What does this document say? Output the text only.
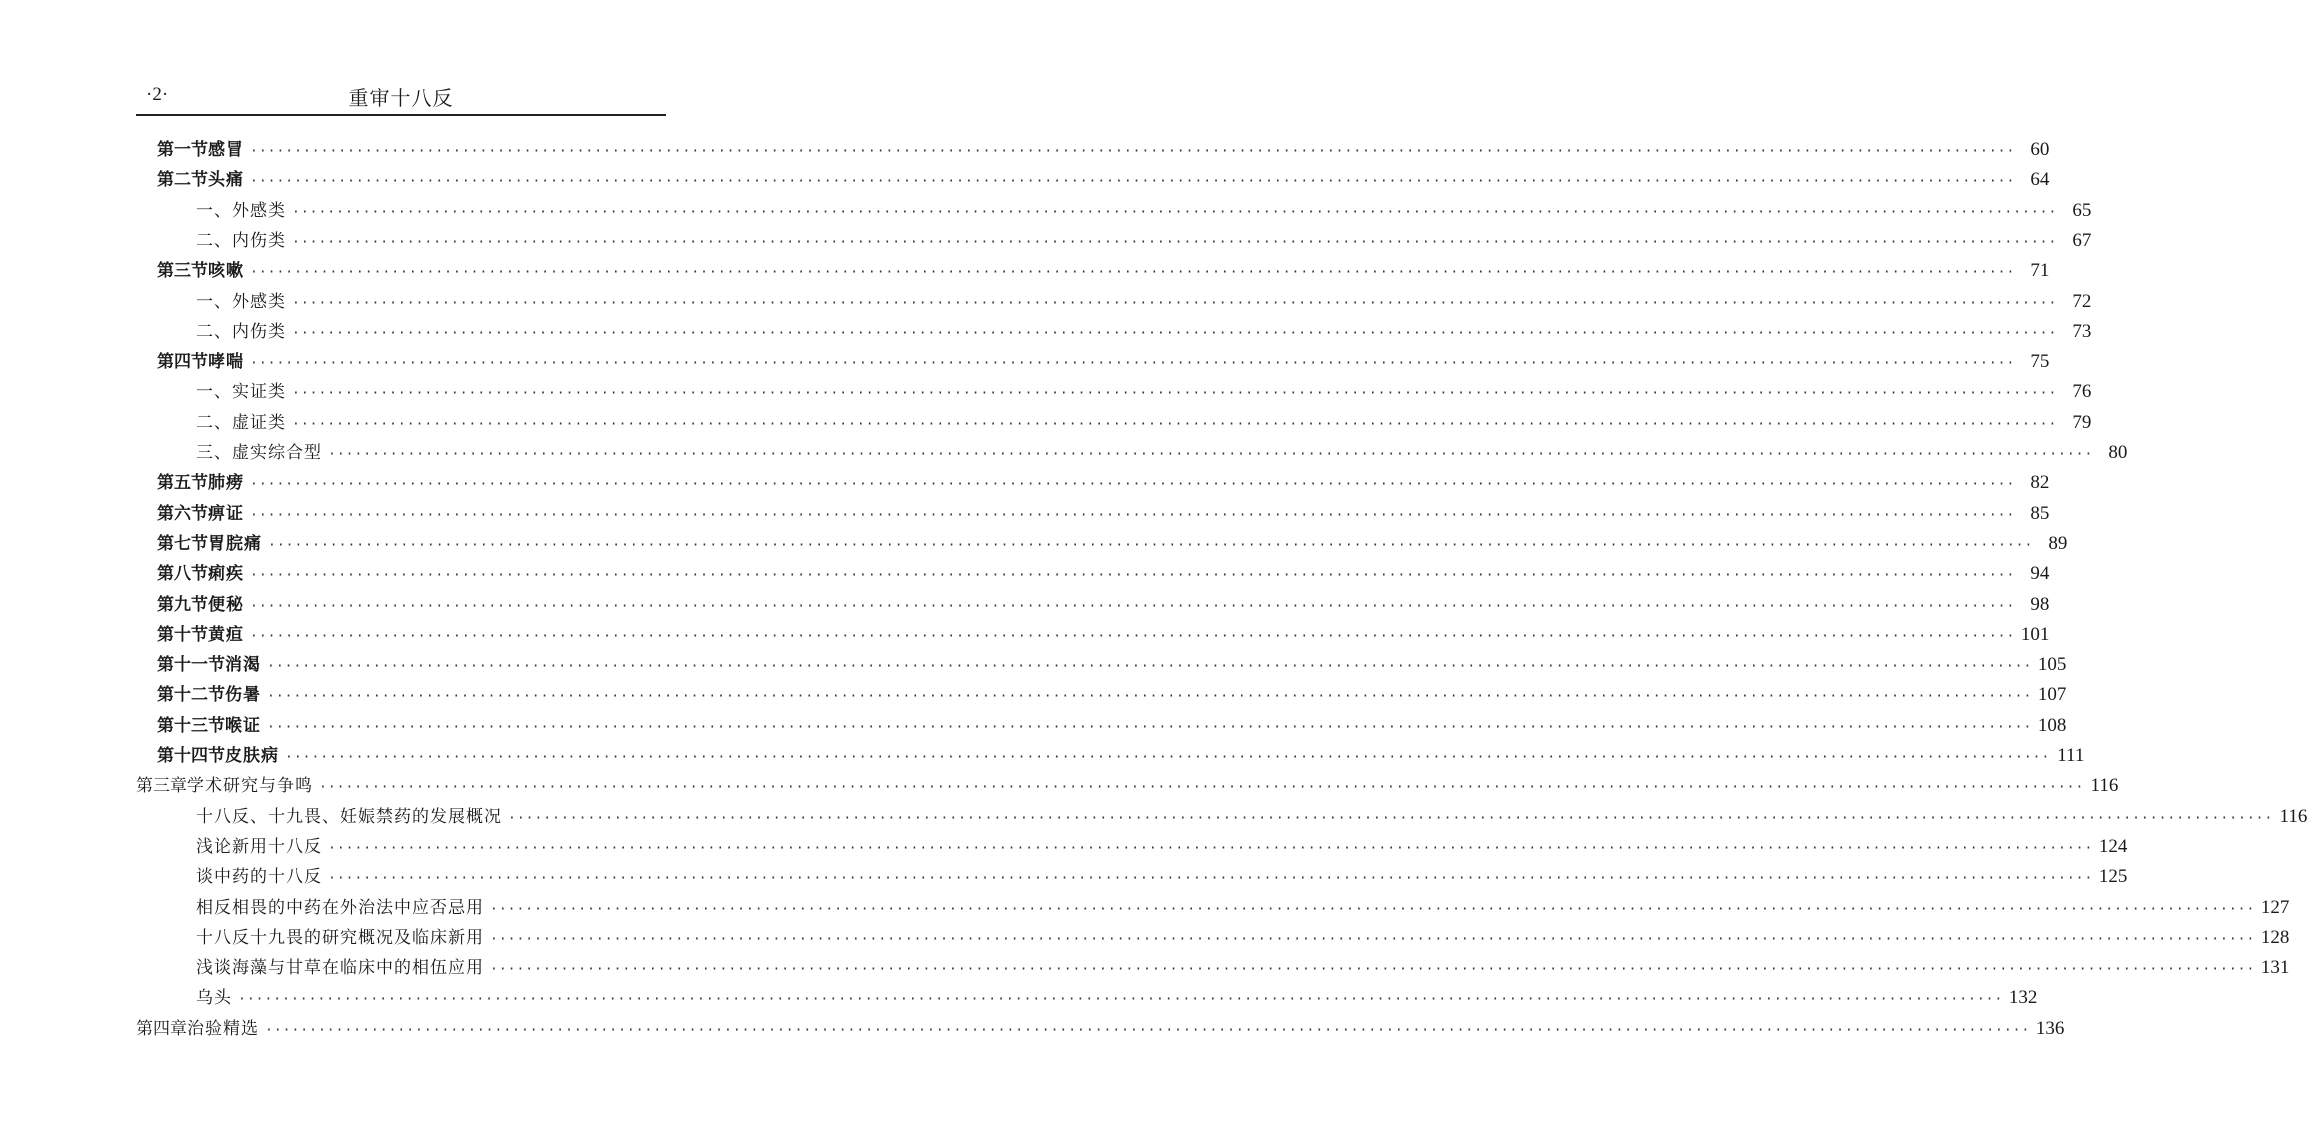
·2·	重审十八反
第一节 感冒 ········································································································································································································ 60
第二节 头痛 ········································································································································································································ 64
一、外感类 ········································································································································································································ 65
二、内伤类 ········································································································································································································ 67
第三节 咳嗽 ········································································································································································································ 71
一、外感类 ········································································································································································································ 72
二、内伤类 ········································································································································································································ 73
第四节 哮喘 ········································································································································································································ 75
一、实证类 ········································································································································································································ 76
二、虚证类 ········································································································································································································ 79
三、虚实综合型 ········································································································································································································ 80
第五节 肺痨 ········································································································································································································ 82
第六节 痹证 ········································································································································································································ 85
第七节 胃脘痛 ········································································································································································································ 89
第八节 痢疾 ········································································································································································································ 94
第九节 便秘 ········································································································································································································ 98
第十节 黄疸 ········································································································································································································ 101
第十一节 消渴 ········································································································································································································ 105
第十二节 伤暑 ········································································································································································································ 107
第十三节 喉证 ········································································································································································································ 108
第十四节 皮肤病 ········································································································································································································ 111
第三章 学术研究与争鸣 ········································································································································································································ 116
十八反、十九畏、妊娠禁药的发展概况 ········································································································································································································ 116
浅论新用十八反 ········································································································································································································ 124
谈中药的十八反 ········································································································································································································ 125
相反相畏的中药在外治法中应否忌用 ········································································································································································································ 127
十八反十九畏的研究概况及临床新用 ········································································································································································································ 128
浅谈海藻与甘草在临床中的相伍应用 ········································································································································································································ 131
乌头 ········································································································································································································ 132
第四章 治验精选 ········································································································································································································ 136
